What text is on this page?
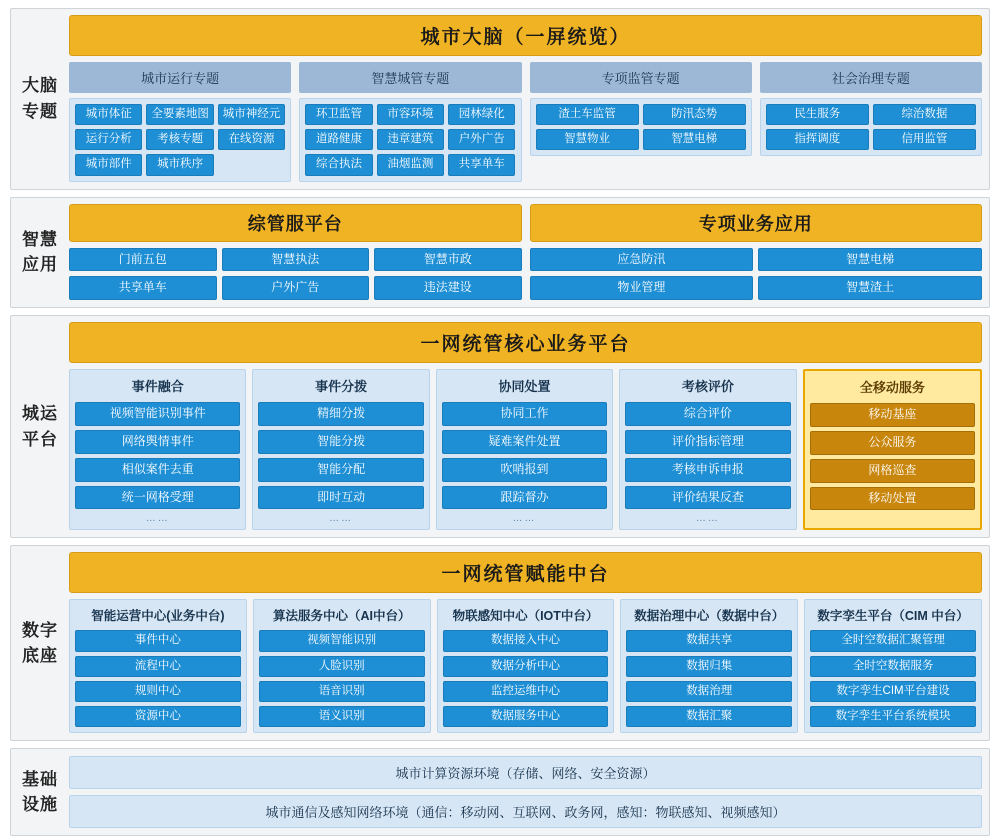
大脑
专题
城市大脑（一屏统览）
城市运行专题
城市体征	全要素地图	城市神经元
运行分析	考核专题	在线资源
城市部件	城市秩序
智慧城管专题
环卫监管	市容环境	园林绿化
道路健康	违章建筑	户外广告
综合执法	油烟监测	共享单车
专项监管专题
渣土车监管	防汛态势
智慧物业	智慧电梯
社会治理专题
民生服务	综治数据
指挥调度	信用监管
智慧
应用
综管服平台
门前五包	智慧执法	智慧市政
共享单车	户外广告	违法建设
专项业务应用
应急防汛	智慧电梯
物业管理	智慧渣土
城运
平台
一网统管核心业务平台
事件融合
视频智能识别事件
网络舆情事件
相似案件去重
统一网格受理
……
事件分拨
精细分拨
智能分拨
智能分配
即时互动
……
协同处置
协同工作
疑难案件处置
吹哨报到
跟踪督办
……
考核评价
综合评价
评价指标管理
考核申诉申报
评价结果反查
……
全移动服务
移动基座
公众服务
网格巡查
移动处置
数字
底座
一网统管赋能中台
智能运营中心(业务中台)
事件中心
流程中心
规则中心
资源中心
算法服务中心（AI中台）
视频智能识别
人脸识别
语音识别
语义识别
物联感知中心（IOT中台）
数据接入中心
数据分析中心
监控运维中心
数据服务中心
数据治理中心（数据中台）
数据共享
数据归集
数据治理
数据汇聚
数字孪生平台（CIM 中台）
全时空数据汇聚管理
全时空数据服务
数字孪生CIM平台建设
数字孪生平台系统模块
基础
设施
城市计算资源环境（存储、网络、安全资源）
城市通信及感知网络环境（通信：移动网、互联网、政务网，感知：物联感知、视频感知）
